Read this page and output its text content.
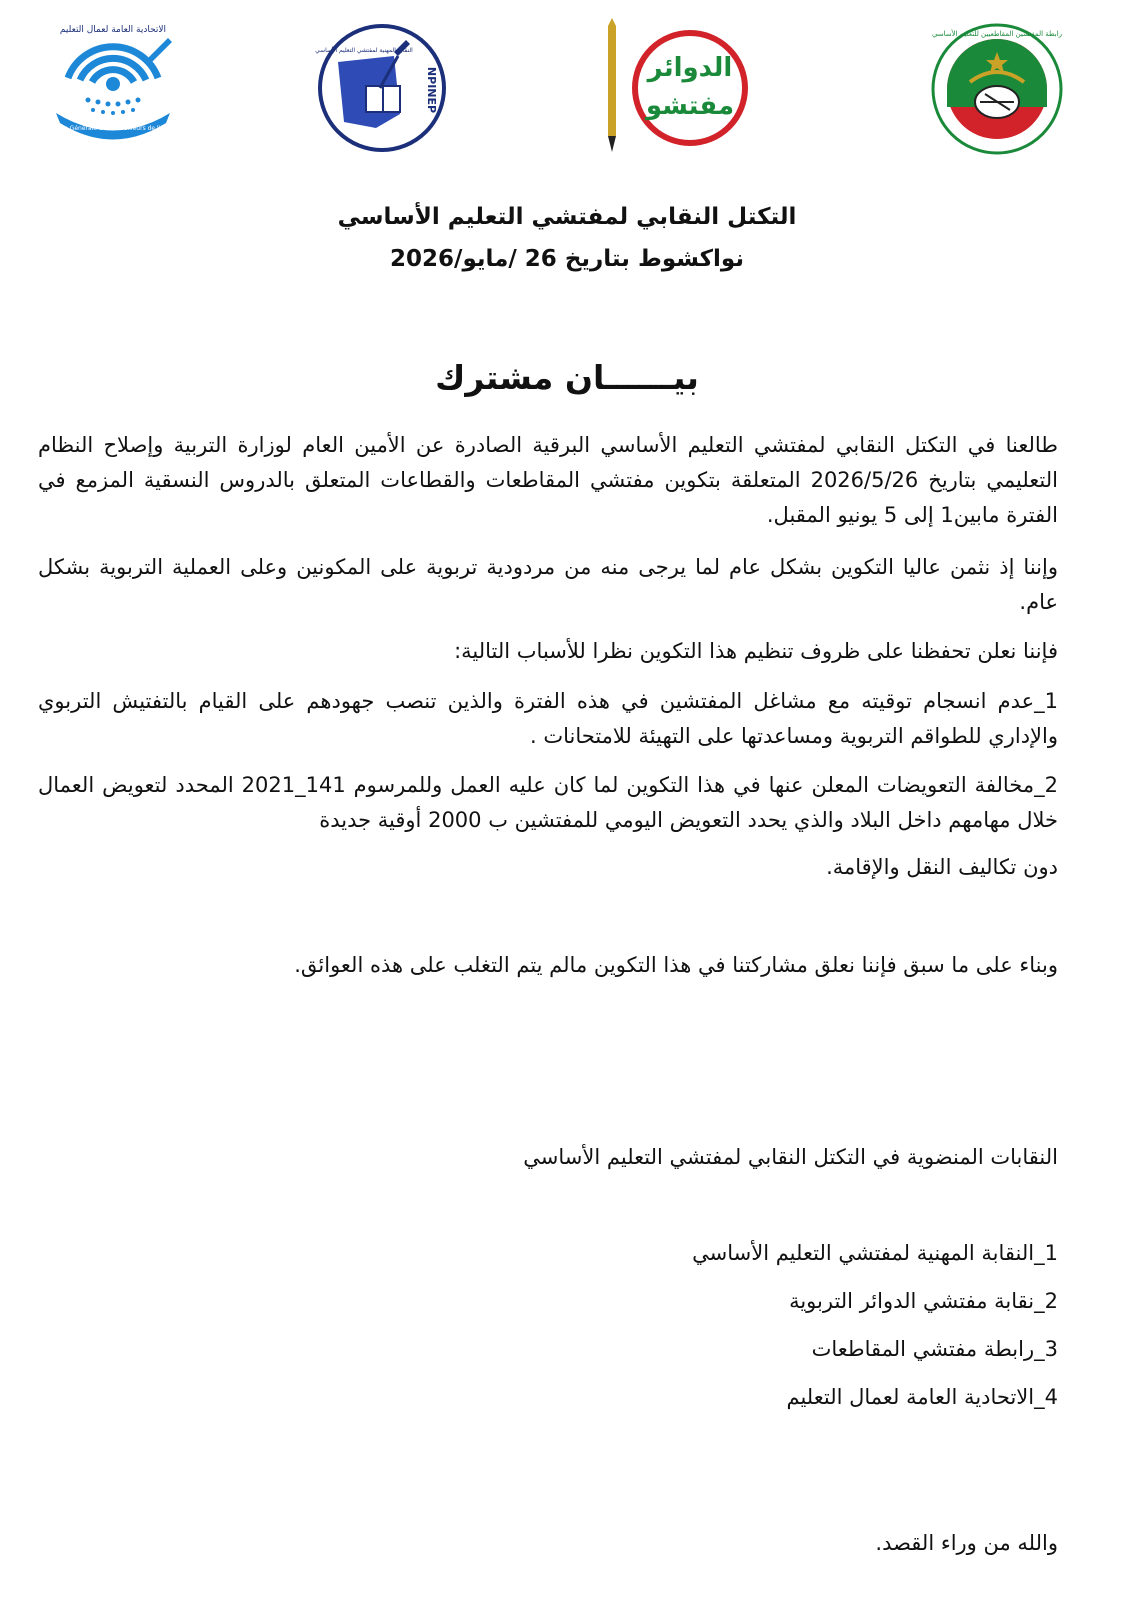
الاتحادية العامة لعمال التعليم
Fédération Générale des Travailleurs de l'Education
NPINEP
النقابة المهنية لمفتشي التعليم الأساسي
الدوائر
مفتشو
رابطة المفتشين المقاطعيين للتعليم الأساسي
التكتل النقابي لمفتشي التعليم الأساسي
نواكشوط بتاريخ 26 /مايو/2026
بيــــــان مشترك
طالعنا في التكتل النقابي لمفتشي التعليم الأساسي البرقية الصادرة عن الأمين العام لوزارة التربية وإصلاح النظام التعليمي بتاريخ 2026/5/26 المتعلقة بتكوين مفتشي المقاطعات والقطاعات المتعلق بالدروس النسقية المزمع في الفترة مابين1 إلى 5 يونيو المقبل.
وإننا إذ نثمن عاليا التكوين بشكل عام لما يرجى منه من مردودية تربوية على المكونين وعلى العملية التربوية بشكل عام.
فإننا نعلن تحفظنا على ظروف تنظيم هذا التكوين نظرا للأسباب التالية:
1_عدم انسجام توقيته مع مشاغل المفتشين في هذه الفترة والذين تنصب جهودهم على القيام بالتفتيش التربوي والإداري للطواقم التربوية ومساعدتها على التهيئة للامتحانات .
2_مخالفة التعويضات المعلن عنها في هذا التكوين لما كان عليه العمل وللمرسوم 141_2021 المحدد لتعويض العمال خلال مهامهم داخل البلاد والذي يحدد التعويض اليومي للمفتشين ب 2000 أوقية جديدة
دون تكاليف النقل والإقامة.
وبناء على ما سبق فإننا نعلق مشاركتنا في هذا التكوين مالم يتم التغلب على هذه العوائق.
النقابات المنضوية في التكتل النقابي لمفتشي التعليم الأساسي
1_النقابة المهنية لمفتشي التعليم الأساسي
2_نقابة مفتشي الدوائر التربوية
3_رابطة مفتشي المقاطعات
4_الاتحادية العامة لعمال التعليم
والله من وراء القصد.
